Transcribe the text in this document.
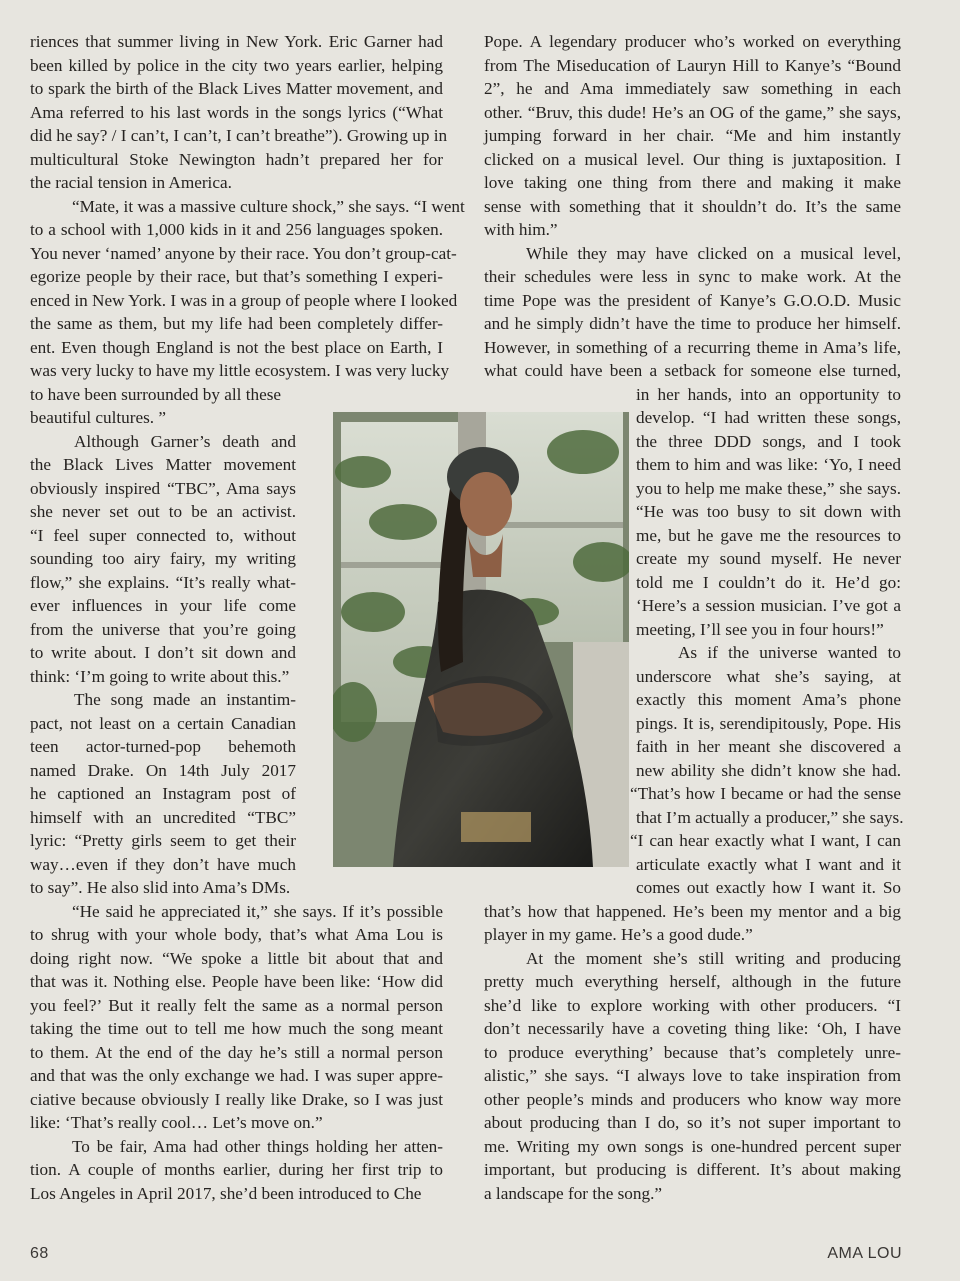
riences that summer living in New York. Eric Garner had
been killed by police in the city two years earlier, helping
to spark the birth of the Black Lives Matter movement, and
Ama referred to his last words in the songs lyrics (“What
did he say? / I can’t, I can’t, I can’t breathe”). Growing up in
multicultural Stoke Newington hadn’t prepared her for
the racial tension in America.
“Mate, it was a massive culture shock,” she says. “I went
to a school with 1,000 kids in it and 256 languages spoken.
You never ‘named’ anyone by their race. You don’t group-cat-
egorize people by their race, but that’s something I experi-
enced in New York. I was in a group of people where I looked
the same as them, but my life had been completely differ-
ent. Even though England is not the best place on Earth, I
was very lucky to have my little ecosystem. I was very lucky
to have been surrounded by all these
beautiful cultures. ”
Although Garner’s death and
the Black Lives Matter movement
obviously inspired “TBC”, Ama says
she never set out to be an activist.
“I feel super connected to, without
sounding too airy fairy, my writing
flow,” she explains. “It’s really what-
ever influences in your life come
from the universe that you’re going
to write about. I don’t sit down and
think: ‘I’m going to write about this.”
The song made an instantim-
pact, not least on a certain Canadian
teen actor-turned-pop behemoth
named Drake. On 14th July 2017
he captioned an Instagram post of
himself with an uncredited “TBC”
lyric: “Pretty girls seem to get their
way…even if they don’t have much
to say”. He also slid into Ama’s DMs.
“He said he appreciated it,” she says. If it’s possible
to shrug with your whole body, that’s what Ama Lou is
doing right now. “We spoke a little bit about that and
that was it. Nothing else. People have been like: ‘How did
you feel?’ But it really felt the same as a normal person
taking the time out to tell me how much the song meant
to them. At the end of the day he’s still a normal person
and that was the only exchange we had. I was super appre-
ciative because obviously I really like Drake, so I was just
like: ‘That’s really cool… Let’s move on.”
To be fair, Ama had other things holding her atten-
tion. A couple of months earlier, during her first trip to
Los Angeles in April 2017, she’d been introduced to Che
Pope. A legendary producer who’s worked on everything
from The Miseducation of Lauryn Hill to Kanye’s “Bound
2”, he and Ama immediately saw something in each
other. “Bruv, this dude! He’s an OG of the game,” she says,
jumping forward in her chair. “Me and him instantly
clicked on a musical level. Our thing is juxtaposition. I
love taking one thing from there and making it make
sense with something that it shouldn’t do. It’s the same
with him.”
While they may have clicked on a musical level,
their schedules were less in sync to make work. At the
time Pope was the president of Kanye’s G.O.O.D. Music
and he simply didn’t have the time to produce her himself.
However, in something of a recurring theme in Ama’s life,
what could have been a setback for someone else turned,
in her hands, into an opportunity to
develop. “I had written these songs,
the three DDD songs, and I took
them to him and was like: ‘Yo, I need
you to help me make these,” she says.
“He was too busy to sit down with
me, but he gave me the resources to
create my sound myself. He never
told me I couldn’t do it. He’d go:
‘Here’s a session musician. I’ve got a
meeting, I’ll see you in four hours!”
As if the universe wanted to
underscore what she’s saying, at
exactly this moment Ama’s phone
pings. It is, serendipitously, Pope. His
faith in her meant she discovered a
new ability she didn’t know she had.
“That’s how I became or had the sense
that I’m actually a producer,” she says.
“I can hear exactly what I want, I can
articulate exactly what I want and it
comes out exactly how I want it. So
that’s how that happened. He’s been my mentor and a big
player in my game. He’s a good dude.”
At the moment she’s still writing and producing
pretty much everything herself, although in the future
she’d like to explore working with other producers. “I
don’t necessarily have a coveting thing like: ‘Oh, I have
to produce everything’ because that’s completely unre-
alistic,” she says. “I always love to take inspiration from
other people’s minds and producers who know way more
about producing than I do, so it’s not super important to
me. Writing my own songs is one-hundred percent super
important, but producing is different. It’s about making
a landscape for the song.”
68	AMA LOU
